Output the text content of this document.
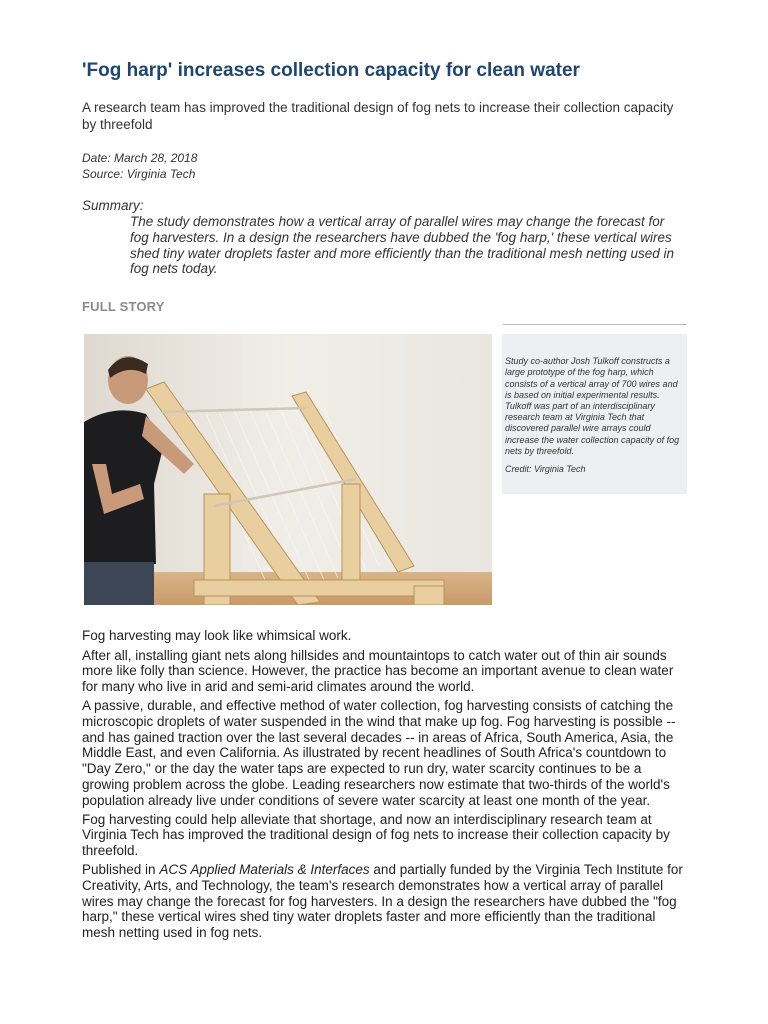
'Fog harp' increases collection capacity for clean water
A research team has improved the traditional design of fog nets to increase their collection capacity by threefold
Date: March 28, 2018
Source: Virginia Tech
Summary:
The study demonstrates how a vertical array of parallel wires may change the forecast for fog harvesters. In a design the researchers have dubbed the 'fog harp,' these vertical wires shed tiny water droplets faster and more efficiently than the traditional mesh netting used in fog nets today.
FULL STORY
Study co-author Josh Tulkoff constructs a large prototype of the fog harp, which consists of a vertical array of 700 wires and is based on initial experimental results. Tulkoff was part of an interdisciplinary research team at Virginia Tech that discovered parallel wire arrays could increase the water collection capacity of fog nets by threefold.
Credit: Virginia Tech

Fog harvesting may look like whimsical work.

After all, installing giant nets along hillsides and mountaintops to catch water out of thin air sounds more like folly than science. However, the practice has become an important avenue to clean water for many who live in arid and semi-arid climates around the world.

A passive, durable, and effective method of water collection, fog harvesting consists of catching the microscopic droplets of water suspended in the wind that make up fog. Fog harvesting is possible -- and has gained traction over the last several decades -- in areas of Africa, South America, Asia, the Middle East, and even California. As illustrated by recent headlines of South Africa's countdown to "Day Zero," or the day the water taps are expected to run dry, water scarcity continues to be a growing problem across the globe. Leading researchers now estimate that two-thirds of the world's population already live under conditions of severe water scarcity at least one month of the year.

Fog harvesting could help alleviate that shortage, and now an interdisciplinary research team at Virginia Tech has improved the traditional design of fog nets to increase their collection capacity by threefold.

Published in ACS Applied Materials & Interfaces and partially funded by the Virginia Tech Institute for Creativity, Arts, and Technology, the team's research demonstrates how a vertical array of parallel wires may change the forecast for fog harvesters. In a design the researchers have dubbed the "fog harp," these vertical wires shed tiny water droplets faster and more efficiently than the traditional mesh netting used in fog nets.
